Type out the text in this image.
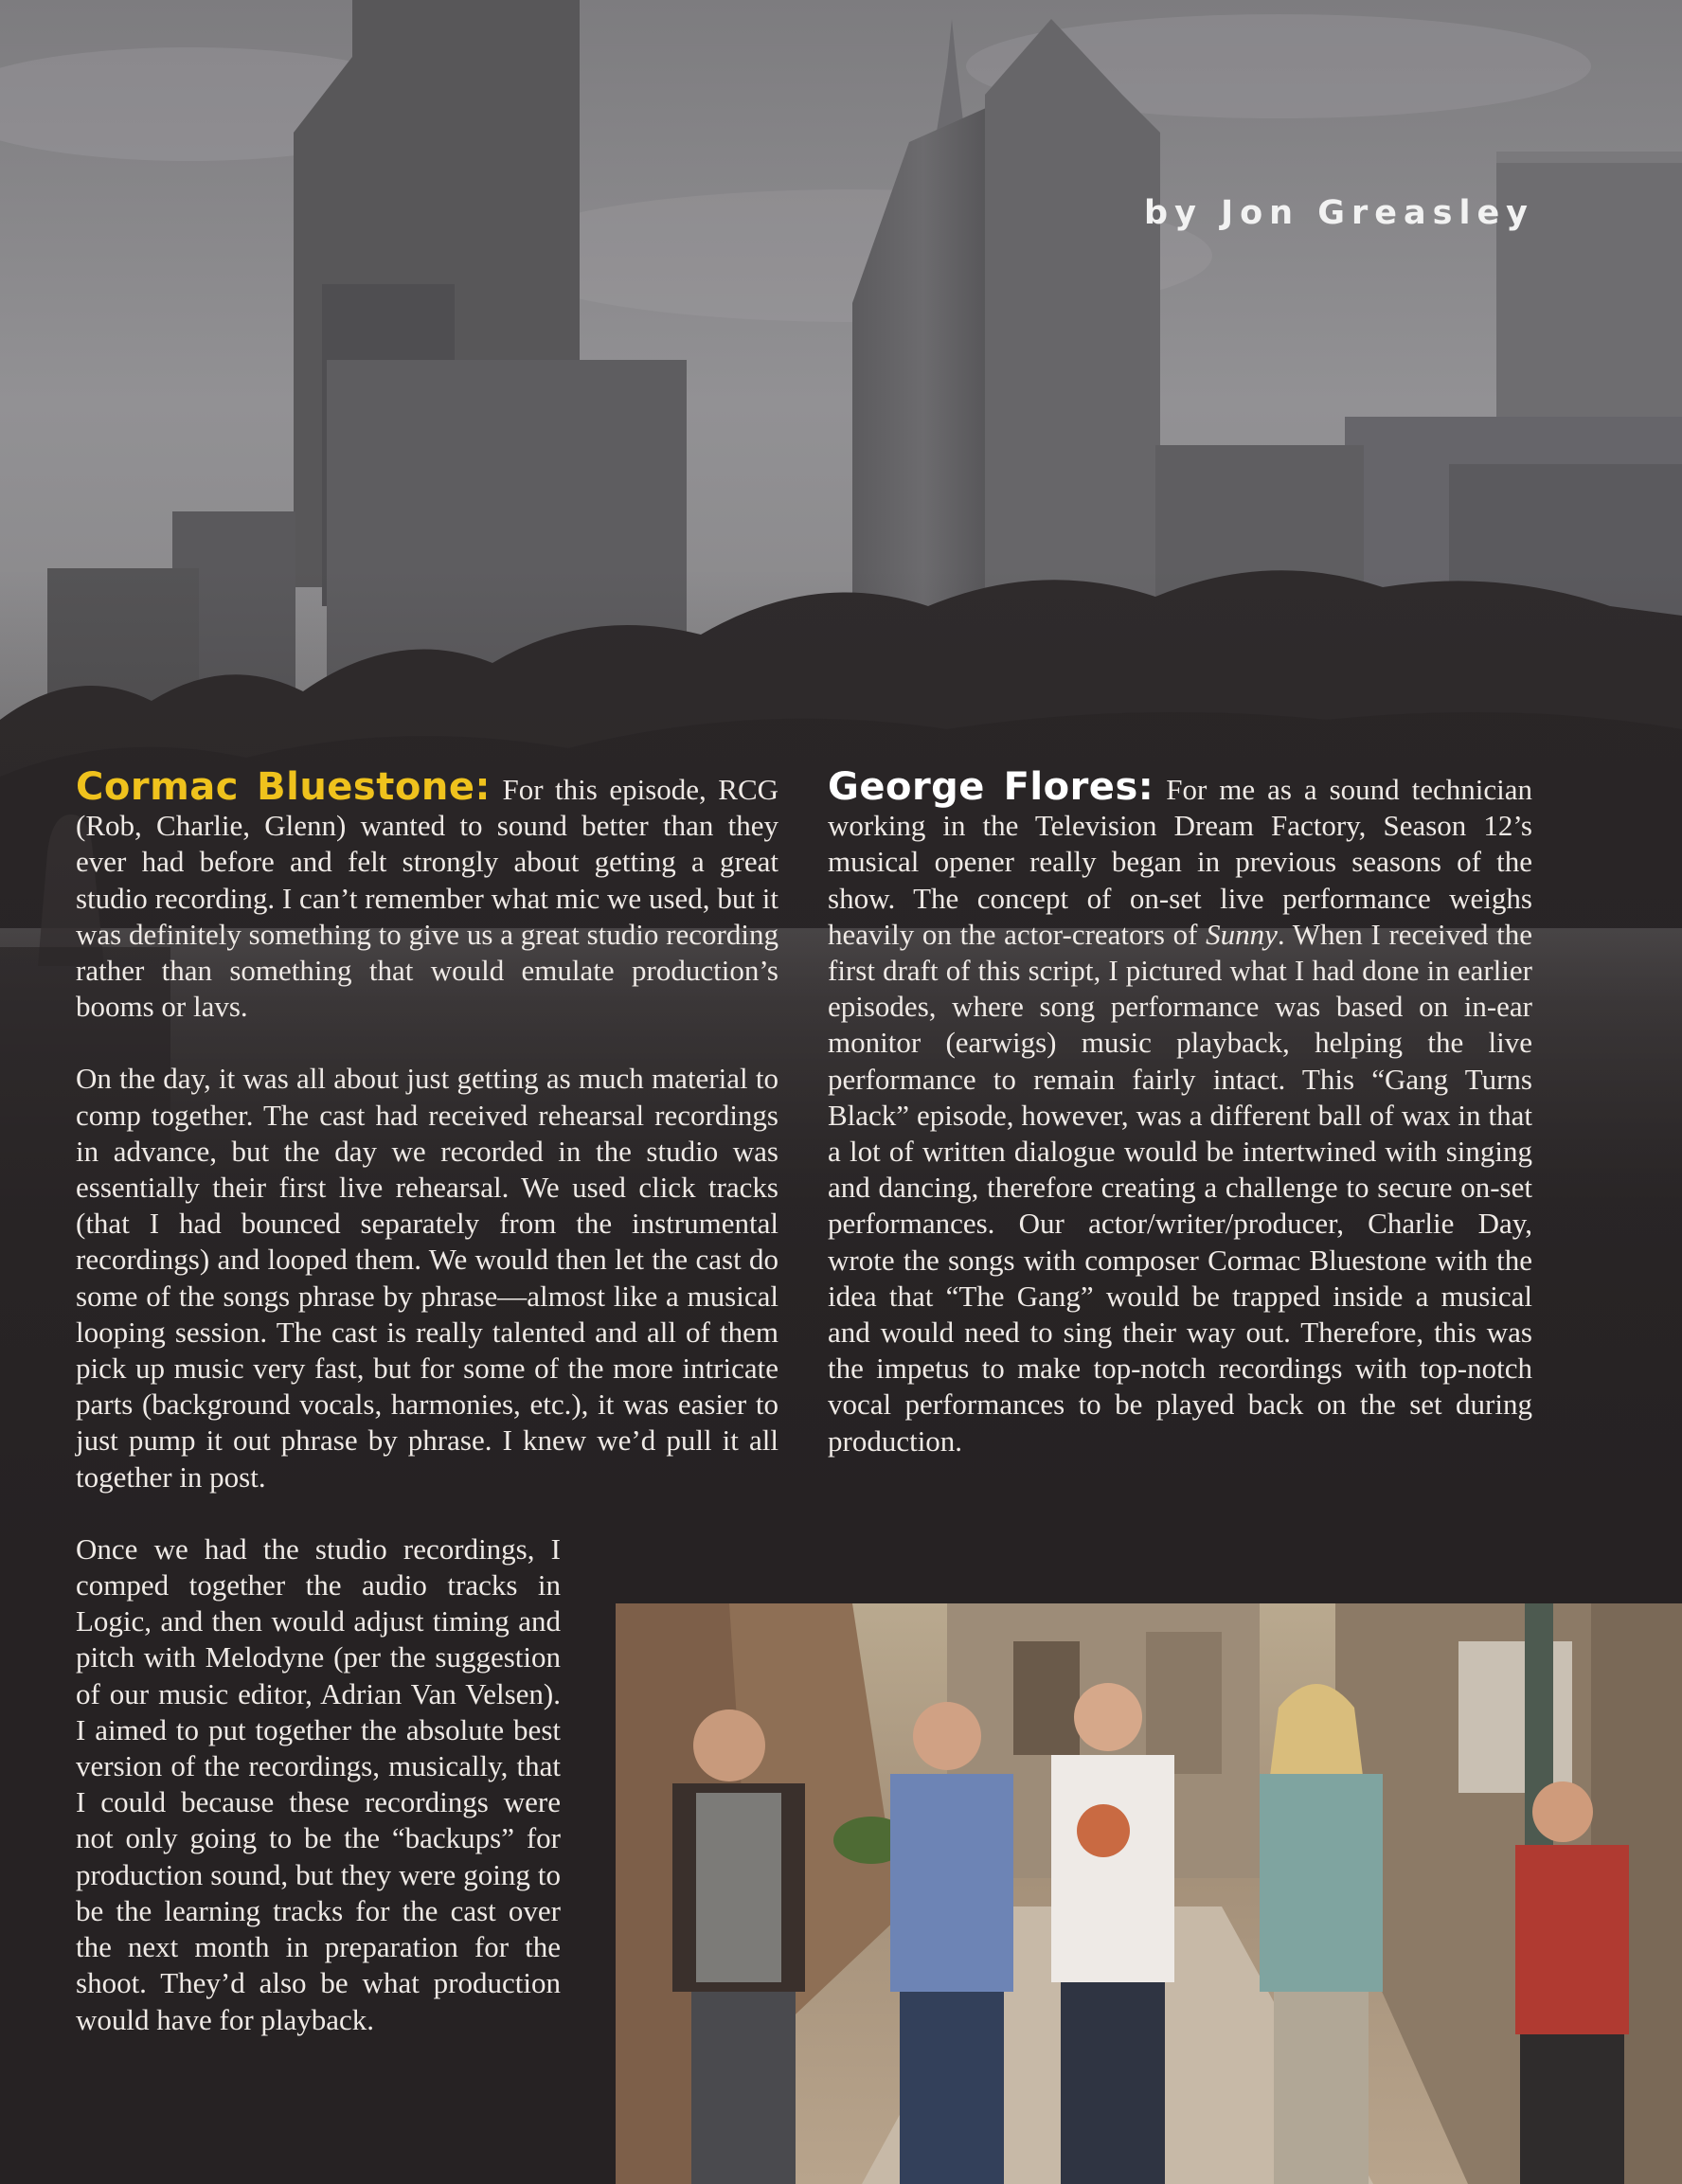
by Jon Greasley

Cormac Bluestone: For this episode, RCG (Rob, Charlie, Glenn) wanted to sound better than they ever had before and felt strongly about getting a great studio recording. I can’t remember what mic we used, but it was definitely something to give us a great studio recording rather than something that would emulate production’s booms or lavs.

On the day, it was all about just getting as much material to comp together. The cast had received rehearsal recordings in advance, but the day we recorded in the studio was essentially their first live rehearsal. We used click tracks (that I had bounced separately from the instrumental recordings) and looped them. We would then let the cast do some of the songs phrase by phrase—almost like a musical looping session. The cast is really talented and all of them pick up music very fast, but for some of the more intricate parts (background vocals, harmonies, etc.), it was easier to just pump it out phrase by phrase. I knew we’d pull it all together in post.

Once we had the studio recordings, I comped together the audio tracks in Logic, and then would adjust timing and pitch with Melodyne (per the suggestion of our music editor, Adrian Van Velsen). I aimed to put together the absolute best version of the recordings, musically, that I could because these recordings were not only going to be the “backups” for production sound, but they were going to be the learning tracks for the cast over the next month in preparation for the shoot. They’d also be what production would have for playback.

George Flores: For me as a sound technician working in the Television Dream Factory, Season 12’s musical opener really began in previous seasons of the show. The concept of on-set live performance weighs heavily on the actor-creators of Sunny. When I received the first draft of this script, I pictured what I had done in earlier episodes, where song performance was based on in-ear monitor (earwigs) music playback, helping the live performance to remain fairly intact. This “Gang Turns Black” episode, however, was a different ball of wax in that a lot of written dialogue would be intertwined with singing and dancing, therefore creating a challenge to secure on-set performances. Our actor/writer/producer, Charlie Day, wrote the songs with composer Cormac Bluestone with the idea that “The Gang” would be trapped inside a musical and would need to sing their way out. Therefore, this was the impetus to make top-notch recordings with top-notch vocal performances to be played back on the set during production.
